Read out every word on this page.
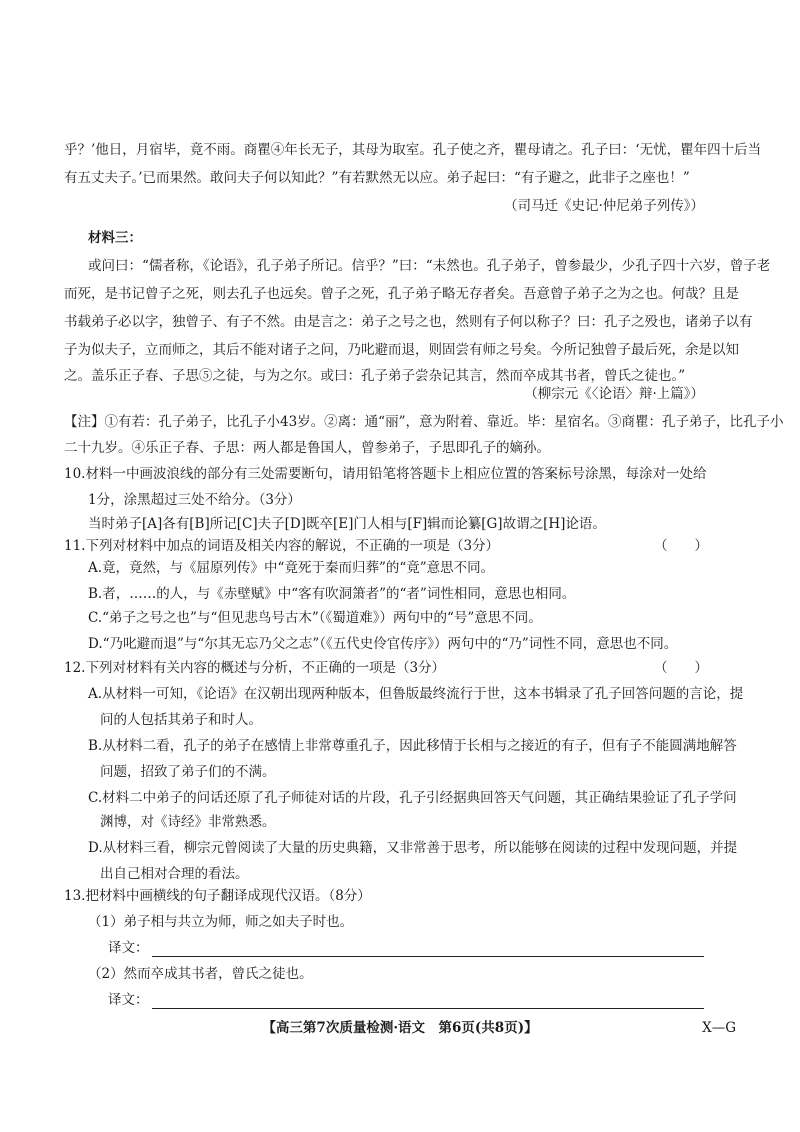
乎？’他日，月宿毕，竟不雨。商瞿④年长无子，其母为取室。孔子使之齐，瞿母请之。孔子曰：‘无忧，瞿年四十后当
有五丈夫子。’已而果然。敢问夫子何以知此？”有若默然无以应。弟子起曰：“有子避之，此非子之座也！”
（司马迁《史记·仲尼弟子列传》）
材料三：
或问曰：“儒者称，《论语》，孔子弟子所记。信乎？”曰：“未然也。孔子弟子，曾参最少，少孔子四十六岁，曾子老
而死，是书记曾子之死，则去孔子也远矣。曾子之死，孔子弟子略无存者矣。吾意曾子弟子之为之也。何哉？且是
书载弟子必以字，独曾子、有子不然。由是言之：弟子之号之也，然则有子何以称子？曰：孔子之殁也，诸弟子以有
子为似夫子，立而师之，其后不能对诸子之问，乃叱避而退，则固尝有师之号矣。今所记独曾子最后死，余是以知
之。盖乐正子春、子思⑤之徒，与为之尔。或曰：孔子弟子尝杂记其言，然而卒成其书者，曾氏之徒也。”
（柳宗元《〈论语〉辩·上篇》）
【注】①有若：孔子弟子，比孔子小43岁。②离：通“丽”，意为附着、靠近。毕：星宿名。③商瞿：孔子弟子，比孔子小
二十九岁。④乐正子春、子思：两人都是鲁国人，曾参弟子，子思即孔子的嫡孙。
10.材料一中画波浪线的部分有三处需要断句，请用铅笔将答题卡上相应位置的答案标号涂黑，每涂对一处给
1分，涂黑超过三处不给分。（3分）
当时弟子[A]各有[B]所记[C]夫子[D]既卒[E]门人相与[F]辑而论纂[G]故谓之[H]论语。
11.下列对材料中加点的词语及相关内容的解说，不正确的一项是（3分）	（　　）
A.竟，竟然，与《屈原列传》中“竟死于秦而归葬”的“竟”意思不同。
B.者，……的人，与《赤壁赋》中“客有吹洞箫者”的“者”词性相同，意思也相同。
C.“弟子之号之也”与“但见悲鸟号古木”（《蜀道难》）两句中的“号”意思不同。
D.“乃叱避而退”与“尔其无忘乃父之志”（《五代史伶官传序》）两句中的“乃”词性不同，意思也不同。
12.下列对材料有关内容的概述与分析，不正确的一项是（3分）	（　　）
A.从材料一可知，《论语》在汉朝出现两种版本，但鲁版最终流行于世，这本书辑录了孔子回答问题的言论，提
问的人包括其弟子和时人。
B.从材料二看，孔子的弟子在感情上非常尊重孔子，因此移情于长相与之接近的有子，但有子不能圆满地解答
问题，招致了弟子们的不满。
C.材料二中弟子的问话还原了孔子师徒对话的片段，孔子引经据典回答天气问题，其正确结果验证了孔子学问
渊博，对《诗经》非常熟悉。
D.从材料三看，柳宗元曾阅读了大量的历史典籍，又非常善于思考，所以能够在阅读的过程中发现问题，并提
出自己相对合理的看法。
13.把材料中画横线的句子翻译成现代汉语。（8分）
（1）弟子相与共立为师，师之如夫子时也。
译文：
（2）然而卒成其书者，曾氏之徒也。
译文：
【高三第7次质量检测·语文　第6页(共8页)】	X—G
